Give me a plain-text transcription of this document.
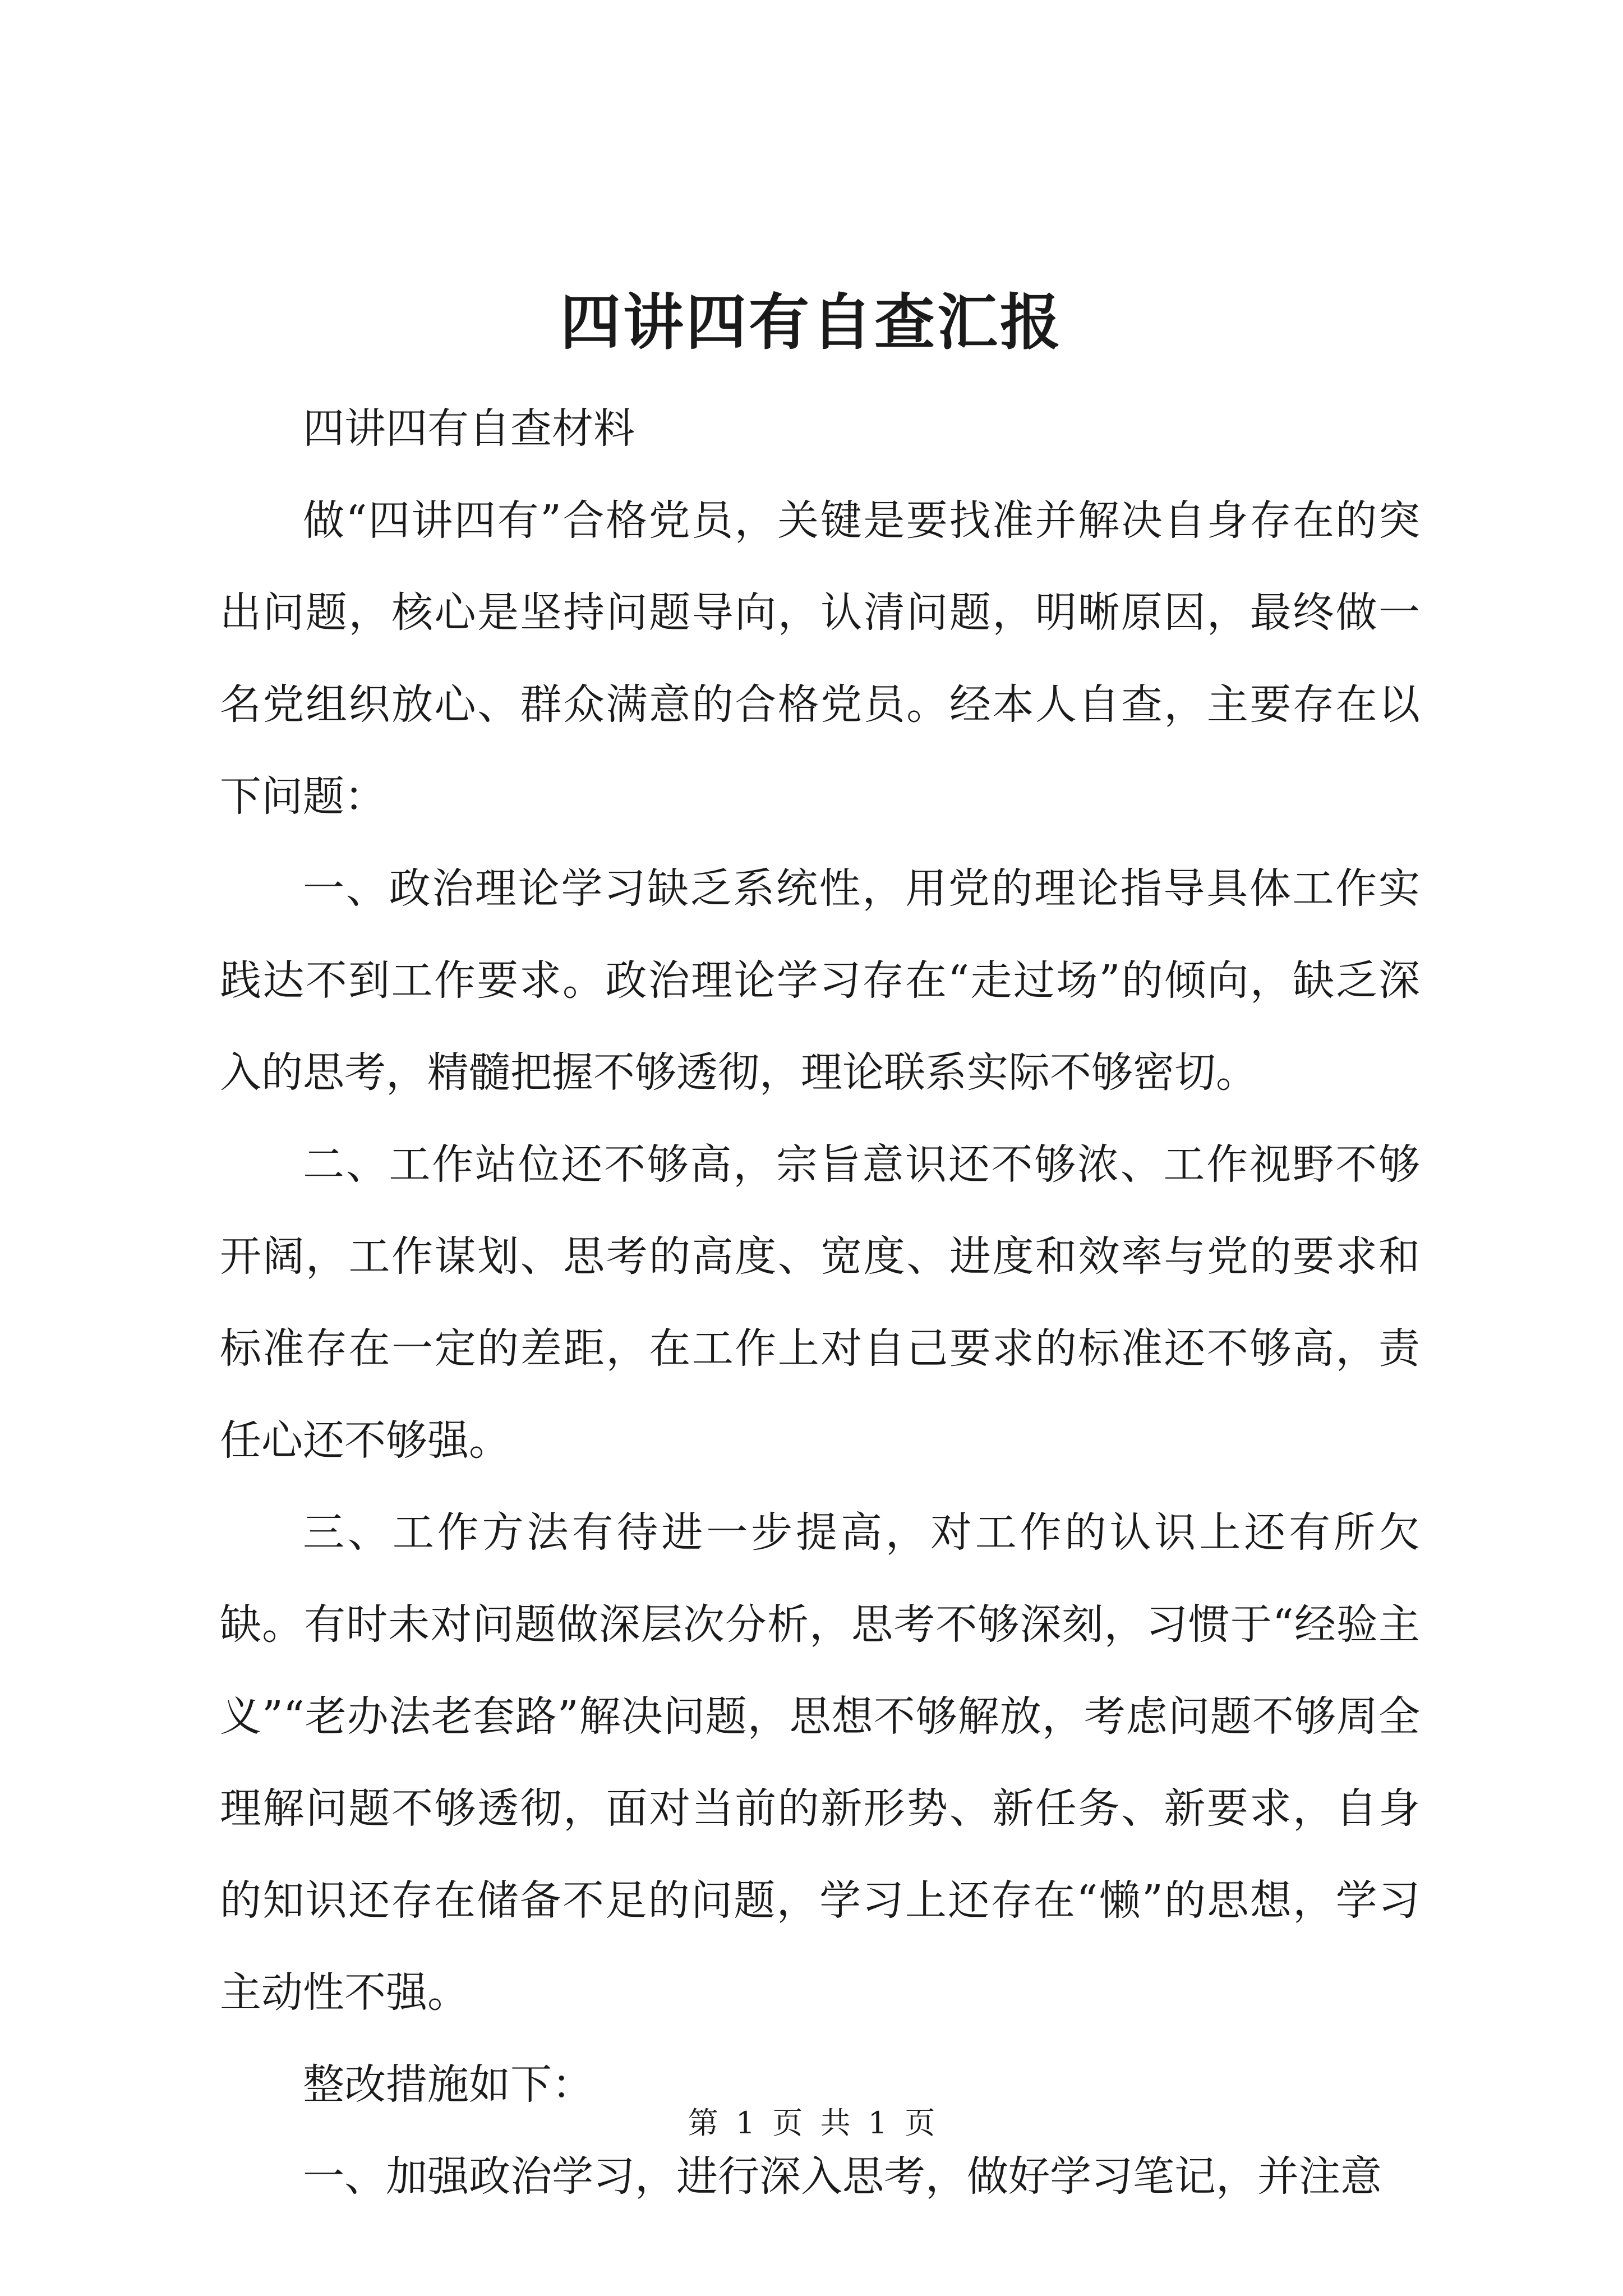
四讲四有自查汇报

四讲四有自查材料

做“四讲四有”合格党员，关键是要找准并解决自身存在的突出问题，核心是坚持问题导向，认清问题，明晰原因，最终做一名党组织放心、群众满意的合格党员。经本人自查，主要存在以下问题：

一、政治理论学习缺乏系统性，用党的理论指导具体工作实践达不到工作要求。政治理论学习存在“走过场”的倾向，缺乏深入的思考，精髓把握不够透彻，理论联系实际不够密切。

二、工作站位还不够高，宗旨意识还不够浓、工作视野不够开阔，工作谋划、思考的高度、宽度、进度和效率与党的要求和标准存在一定的差距，在工作上对自己要求的标准还不够高，责任心还不够强。

三、工作方法有待进一步提高，对工作的认识上还有所欠缺。有时未对问题做深层次分析，思考不够深刻，习惯于“经验主义”“老办法老套路”解决问题，思想不够解放，考虑问题不够周全理解问题不够透彻，面对当前的新形势、新任务、新要求，自身的知识还存在储备不足的问题，学习上还存在“懒”的思想，学习主动性不强。

整改措施如下：

一、加强政治学习，进行深入思考，做好学习笔记，并注意

第 1 页 共 1 页
